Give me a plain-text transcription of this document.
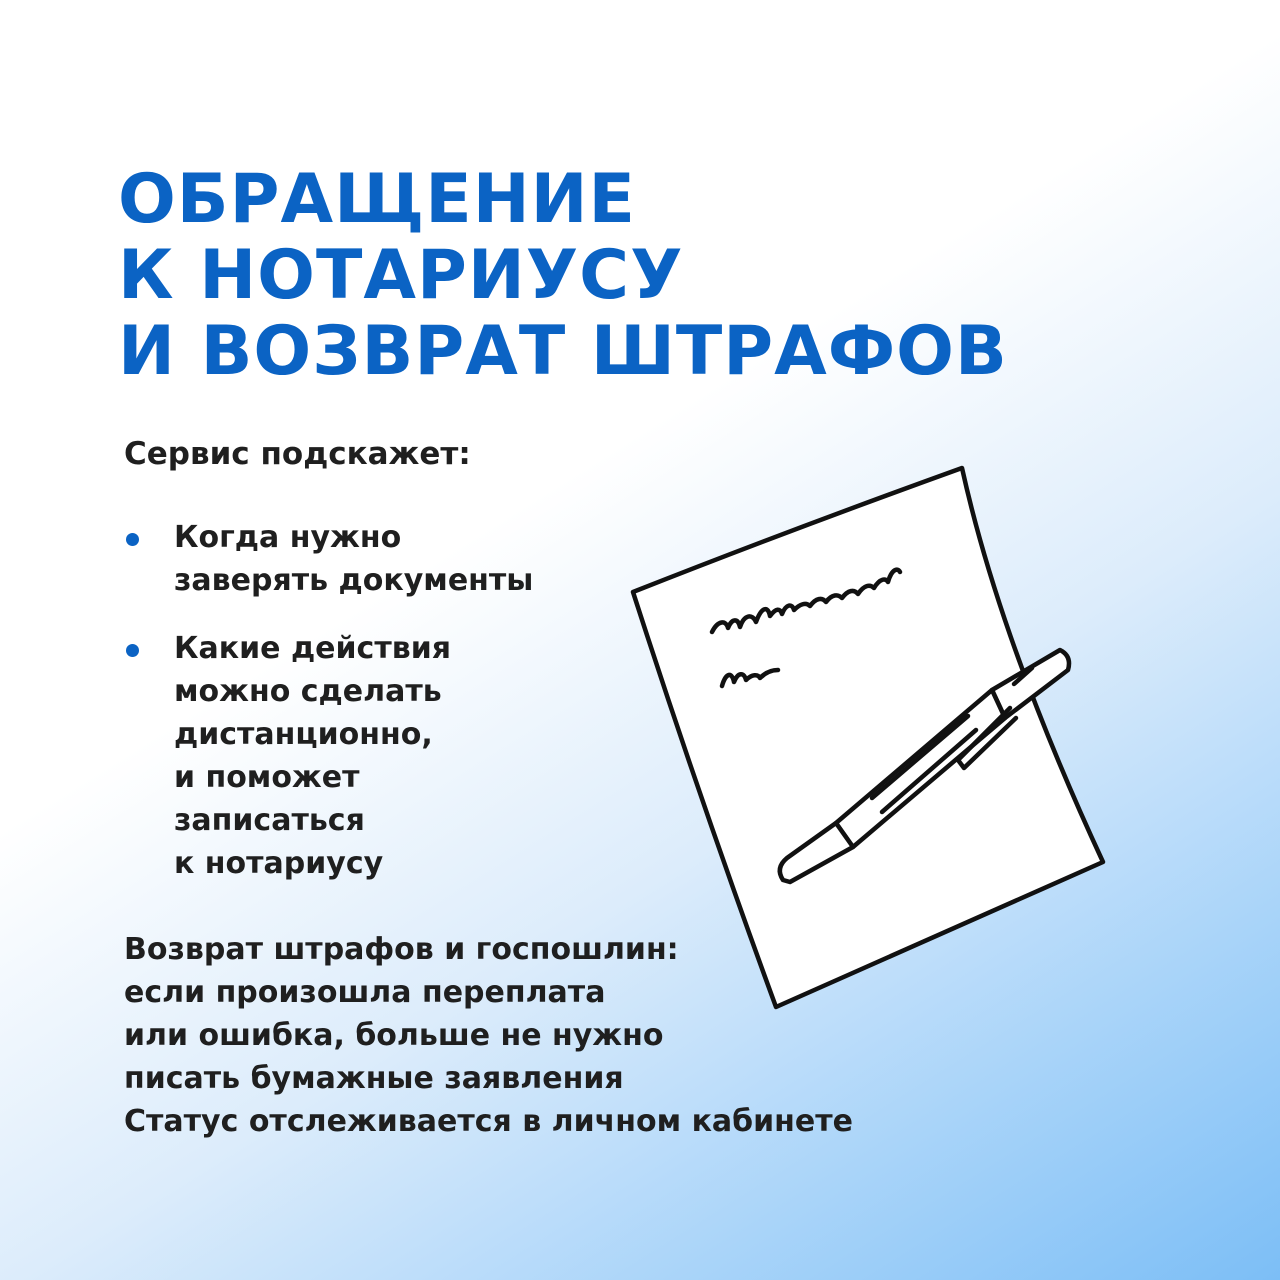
ОБРАЩЕНИЕ
К НОТАРИУСУ
И ВОЗВРАТ ШТРАФОВ

Сервис подскажет:

Когда нужно
заверять документы
Какие действия
можно сделать
дистанционно,
и поможет
записаться
к нотариусу
Возврат штрафов и госпошлин:
если произошла переплата
или ошибка, больше не нужно
писать бумажные заявления
Статус отслеживается в личном кабинете
